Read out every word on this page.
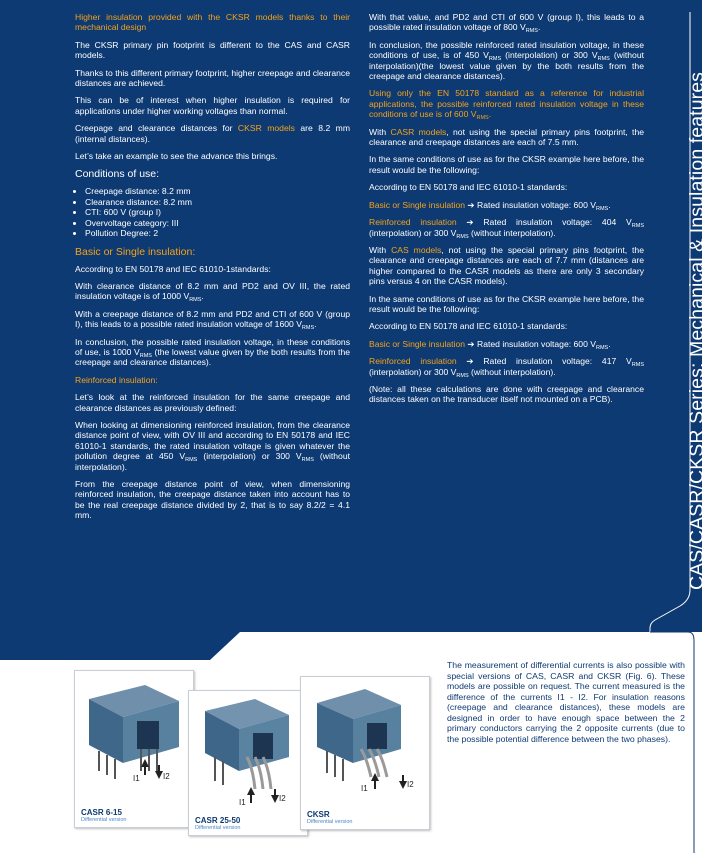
Higher insulation provided with the CKSR models thanks to their mechanical design

The CKSR primary pin footprint is different to the CAS and CASR models.

Thanks to this different primary footprint, higher creepage and clearance distances are achieved.

This can be of interest when higher insulation is required for applications under higher working voltages than normal.

Creepage and clearance distances for CKSR models are 8.2 mm (internal distances).

Let’s take an example to see the advance this brings.

Conditions of use:
• Creepage distance: 8.2 mm
• Clearance distance: 8.2 mm
• CTI: 600 V (group I)
• Overvoltage category: III
• Pollution Degree: 2
Basic or Single insulation:

According to EN 50178 and IEC 61010-1standards:

With clearance distance of 8.2 mm and PD2 and OV III, the rated insulation voltage is of 1000 $V_{RMS}$.

With a creepage distance of 8.2 mm and PD2 and CTI of 600 V (group I), this leads to a possible rated insulation voltage of 1600 $V_{RMS}$.

In conclusion, the possible rated insulation voltage, in these conditions of use, is 1000 $V_{RMS}$ (the lowest value given by the both results from the creepage and clearance distances).

Reinforced insulation:

Let’s look at the reinforced insulation for the same creepage and clearance distances as previously defined:

When looking at dimensioning reinforced insulation, from the clearance distance point of view, with OV III and according to EN 50178 and IEC 61010-1 standards, the rated insulation voltage is given whatever the pollution degree at 450 $V_{RMS}$ (interpolation) or 300 $V_{RMS}$ (without interpolation).

From the creepage distance point of view, when dimensioning reinforced insulation, the creepage distance taken into account has to be the real creepage distance divided by 2, that is to say 8.2/2 = 4.1 mm.

With that value, and PD2 and CTI of 600 V (group I), this leads to a possible rated insulation voltage of 800 $V_{RMS}$.

In conclusion, the possible reinforced rated insulation voltage, in these conditions of use, is of 450 $V_{RMS}$ (interpolation) or 300 $V_{RMS}$ (without interpolation)(the lowest value given by the both results from the creepage and clearance distances).

Using only the EN 50178 standard as a reference for industrial applications, the possible reinforced rated insulation voltage in these conditions of use is of 600 $V_{RMS}$.

With CASR models, not using the special primary pins footprint, the clearance and creepage distances are each of 7.5 mm.

In the same conditions of use as for the CKSR example here before, the result would be the following:

According to EN 50178 and IEC 61010-1 standards:

Basic or Single insulation ➔ Rated insulation voltage: 600 $V_{RMS}$.

Reinforced insulation ➔ Rated insulation voltage: 404 $V_{RMS}$ (interpolation) or 300 $V_{RMS}$ (without interpolation).

With CAS models, not using the special primary pins footprint, the clearance and creepage distances are each of 7.7 mm (distances are higher compared to the CASR models as there are only 3 secondary pins versus 4 on the CASR models).

In the same conditions of use as for the CKSR example here before, the result would be the following:

According to EN 50178 and IEC 61010-1 standards:

Basic or Single insulation ➔ Rated insulation voltage: 600 $V_{RMS}$.

Reinforced insulation ➔ Rated insulation voltage: 417 $V_{RMS}$ (interpolation) or 300 $V_{RMS}$ (without interpolation).

(Note: all these calculations are done with creepage and clearance distances taken on the transducer itself not mounted on a PCB).	CAS/CASR/CKSR Series: Mechanical & Insulation features
I1	I2
CASR 6-15
Differential version
I1	I2
CASR 25-50
Differential version
I1	I2
CKSR
Differential version
The measurement of differential currents is also possible with special versions of CAS, CASR and CKSR (Fig. 6). These models are possible on request. The current measured is the difference of the currents I1 - I2. For insulation reasons (creepage and clearance distances), these models are designed in order to have enough space between the 2 primary conductors carrying the 2 opposite currents (due to the possible potential difference between the two phases).
